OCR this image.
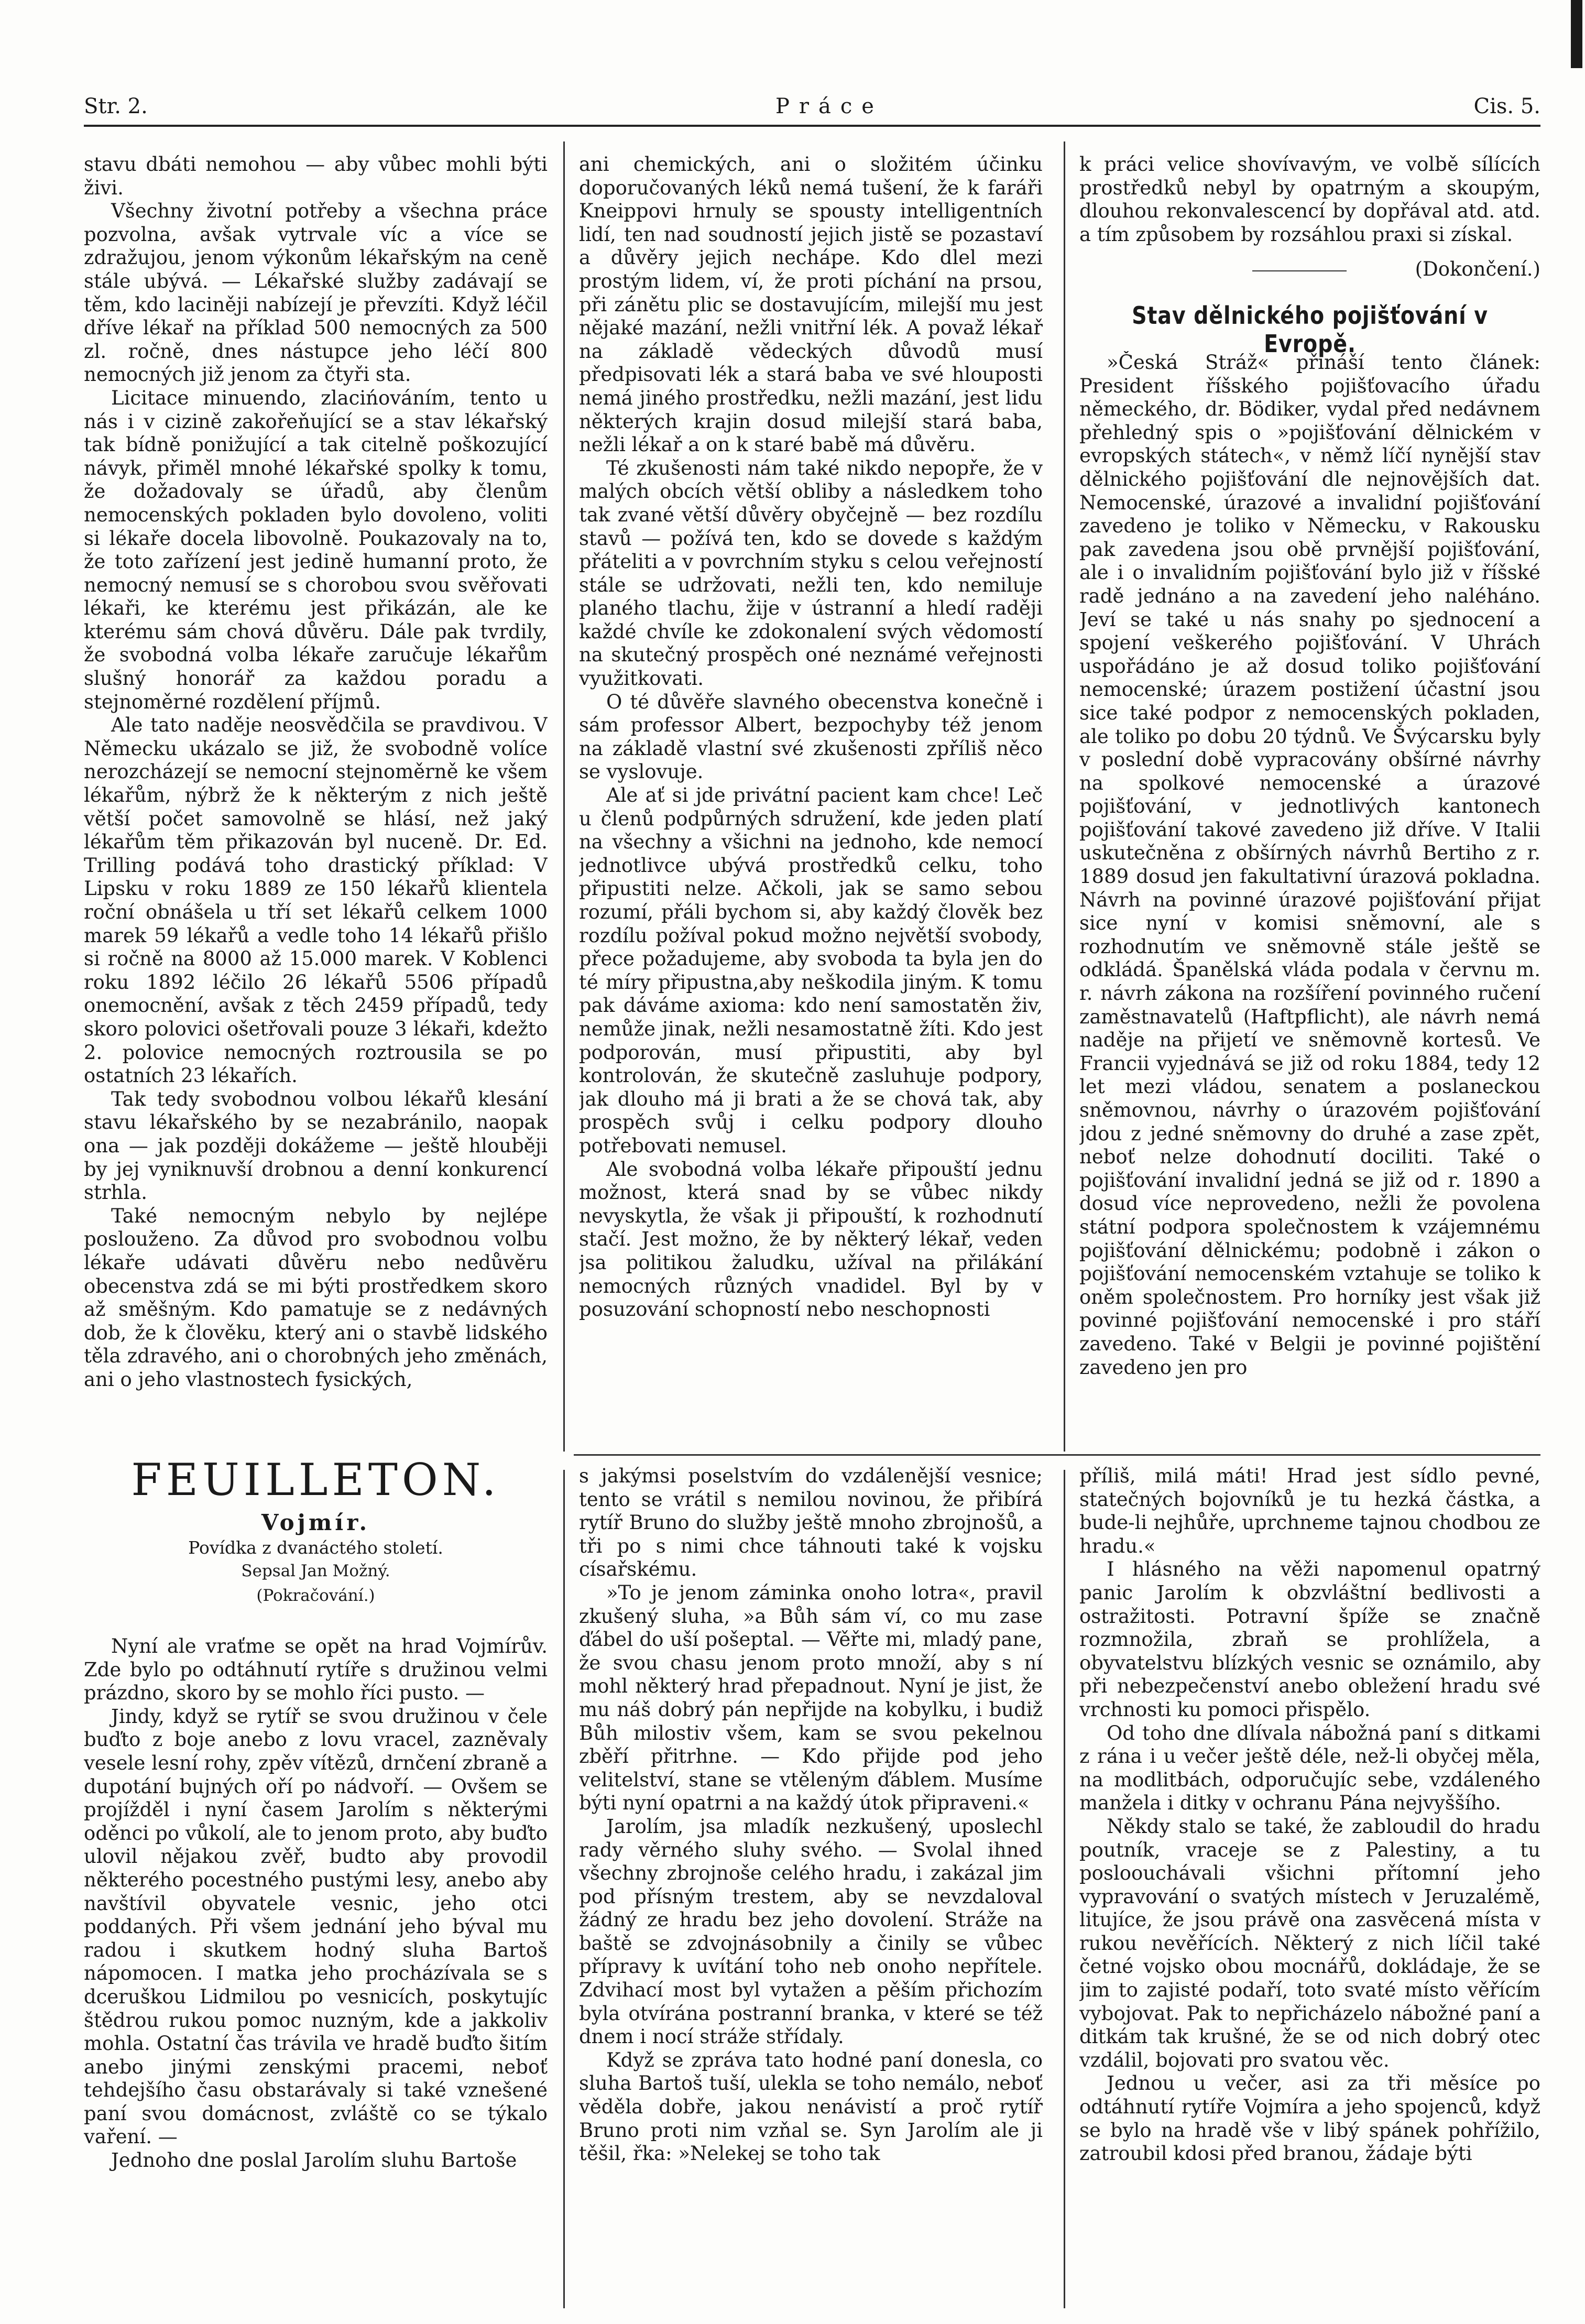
Str. 2.	Práce	Cis. 5.

stavu dbáti nemohou — aby vůbec mohli býti živi.

Všechny životní potřeby a všechna práce pozvolna, avšak vytrvale víc a více se zdražujou, jenom výkonům lékařským na ceně stále ubývá. — Lékařské služby zadávají se těm, kdo laciněji nabízejí je převzíti. Když léčil dříve lékař na příklad 500 nemocných za 500 zl. ročně, dnes nástupce jeho léčí 800 nemocných již jenom za čtyři sta.

Licitace minuendo, zlacińováním, tento u nás i v cizině zakořeňující se a stav lékařský tak bídně ponižující a tak citelně poškozující návyk, přiměl mnohé lékařské spolky k tomu, že dožadovaly se úřadů, aby členům nemocenských pokladen bylo dovoleno, voliti si lékaře docela libovolně. Poukazovaly na to, že toto zařízení jest jedině humanní proto, že nemocný nemusí se s chorobou svou svěřovati lékaři, ke kterému jest přikázán, ale ke kterému sám chová důvěru. Dále pak tvrdily, že svobodná volba lékaře zaručuje lékařům slušný honorář za každou poradu a stejnoměrné rozdělení příjmů.

Ale tato naděje neosvědčila se pravdivou. V Německu ukázalo se již, že svobodně volíce nerozcházejí se nemocní stejnoměrně ke všem lékařům, nýbrž že k některým z nich ještě větší počet samovolně se hlásí, než jaký lékařům těm přikazován byl nuceně. Dr. Ed. Trilling podává toho drastický příklad: V Lipsku v roku 1889 ze 150 lékařů klientela roční obnášela u tří set lékařů celkem 1000 marek 59 lékařů a vedle toho 14 lékařů přišlo si ročně na 8000 až 15.000 marek. V Koblenci roku 1892 léčilo 26 lékařů 5506 případů onemocnění, avšak z těch 2459 případů, tedy skoro polovici ošetřovali pouze 3 lékaři, kdežto 2. polovice nemocných roztrousila se po ostatních 23 lékařích.

Tak tedy svobodnou volbou lékařů klesání stavu lékařského by se nezabránilo, naopak ona — jak později dokážeme — ještě hlouběji by jej vyniknuvší drobnou a denní konkurencí strhla.

Také nemocným nebylo by nejlépe poslouženo. Za důvod pro svobodnou volbu lékaře udávati důvěru nebo nedůvěru obecenstva zdá se mi býti prostředkem skoro až směšným. Kdo pamatuje se z nedávných dob, že k člověku, který ani o stavbě lidského těla zdravého, ani o chorobných jeho změnách, ani o jeho vlastnostech fysických,

ani chemických, ani o složitém účinku doporučovaných léků nemá tušení, že k faráři Kneippovi hrnuly se spousty intelligentních lidí, ten nad soudností jejich jistě se pozastaví a důvěry jejich nechápe. Kdo dlel mezi prostým lidem, ví, že proti píchání na prsou, při zánětu plic se dostavujícím, milejší mu jest nějaké mazání, nežli vnitřní lék. A považ lékař na základě vědeckých důvodů musí předpisovati lék a stará baba ve své hlouposti nemá jiného prostředku, nežli mazání, jest lidu některých krajin dosud milejší stará baba, nežli lékař a on k staré babě má důvěru.

Té zkušenosti nám také nikdo nepopře, že v malých obcích větší obliby a následkem toho tak zvané větší důvěry obyčejně — bez rozdílu stavů — požívá ten, kdo se dovede s každým přáteliti a v povrchním styku s celou veřejností stále se udržovati, nežli ten, kdo nemiluje planého tlachu, žije v ústranní a hledí raději každé chvíle ke zdokonalení svých vědomostí na skutečný prospěch oné neznámé veřejnosti využitkovati.

O té důvěře slavného obecenstva konečně i sám professor Albert, bezpochyby též jenom na základě vlastní své zkušenosti zpříliš něco se vyslovuje.

Ale ať si jde privátní pacient kam chce! Leč u členů podpůrných sdružení, kde jeden platí na všechny a všichni na jednoho, kde nemocí jednotlivce ubývá prostředků celku, toho připustiti nelze. Ačkoli, jak se samo sebou rozumí, přáli bychom si, aby každý člověk bez rozdílu požíval pokud možno největší svobody, přece požadujeme, aby svoboda ta byla jen do té míry připustna,aby neškodila jiným. K tomu pak dáváme axioma: kdo není samostatěn živ, nemůže jinak, nežli nesamostatně žíti. Kdo jest podporován, musí připustiti, aby byl kontrolován, že skutečně zasluhuje podpory, jak dlouho má ji brati a že se chová tak, aby prospěch svůj i celku podpory dlouho potřebovati nemusel.

Ale svobodná volba lékaře připouští jednu možnost, která snad by se vůbec nikdy nevyskytla, že však ji připouští, k rozhodnutí stačí. Jest možno, že by některý lékař, veden jsa politikou žaludku, užíval na přilákání nemocných různých vnadidel. Byl by v posuzování schopností nebo neschopnosti

k práci velice shovívavým, ve volbě sílících prostředků nebyl by opatrným a skoupým, dlouhou rekonvalescencí by dopřával atd. atd. a tím způsobem by rozsáhlou praxi si získal.

(Dokončení.)
Stav dělnického pojišťování v Evropě.

»Česká Stráž« přináší tento článek: President říšského pojišťovacího úřadu německého, dr. Bödiker, vydal před nedávnem přehledný spis o »pojišťování dělnickém v evropských státech«, v němž líčí nynější stav dělnického pojišťování dle nejnovějších dat. Nemocenské, úrazové a invalidní pojišťování zavedeno je toliko v Německu, v Rakousku pak zavedena jsou obě prvnější pojišťování, ale i o invalidním pojišťování bylo již v říšské radě jednáno a na zavedení jeho naléháno. Jeví se také u nás snahy po sjednocení a spojení veškerého pojišťování. V Uhrách uspořádáno je až dosud toliko pojišťování nemocenské; úrazem postižení účastní jsou sice také podpor z nemocenských pokladen, ale toliko po dobu 20 týdnů. Ve Švýcarsku byly v poslední době vypracovány obšírné návrhy na spolkové nemocenské a úrazové pojišťování, v jednotlivých kantonech pojišťování takové zavedeno již dříve. V Italii uskutečněna z obšírných návrhů Bertiho z r. 1889 dosud jen fakultativní úrazová pokladna. Návrh na povinné úrazové pojišťování přijat sice nyní v komisi sněmovní, ale s rozhodnutím ve sněmovně stále ještě se odkládá. Španělská vláda podala v červnu m. r. návrh zákona na rozšíření povinného ručení zaměstnavatelů (Haftpflicht), ale návrh nemá naděje na přijetí ve sněmovně kortesů. Ve Francii vyjednává se již od roku 1884, tedy 12 let mezi vládou, senatem a poslaneckou sněmovnou, návrhy o úrazovém pojišťování jdou z jedné sněmovny do druhé a zase zpět, neboť nelze dohodnutí dociliti. Také o pojišťování invalidní jedná se již od r. 1890 a dosud více neprovedeno, nežli že povolena státní podpora společnostem k vzájemnému pojišťování dělnickému; podobně i zákon o pojišťování nemocenském vztahuje se toliko k oněm společnostem. Pro horníky jest však již povinné pojišťování nemocenské i pro stáří zavedeno. Také v Belgii je povinné pojištění zavedeno jen pro

FEUILLETON.
Vojmír.
Povídka z dvanáctého století.
Sepsal Jan Možný.
(Pokračování.)

Nyní ale vraťme se opět na hrad Vojmírův. Zde bylo po odtáhnutí rytíře s družinou velmi prázdno, skoro by se mohlo říci pusto. —

Jindy, když se rytíř se svou družinou v čele buďto z boje anebo z lovu vracel, zazněvaly vesele lesní rohy, zpěv vítězů, drnčení zbraně a dupotání bujných oří po nádvoří. — Ovšem se projížděl i nyní časem Jarolím s některými oděnci po vůkolí, ale to jenom proto, aby buďto ulovil nějakou zvěř, budto aby provodil některého pocestného pustými lesy, anebo aby navštívil obyvatele vesnic, jeho otci poddaných. Při všem jednání jeho býval mu radou i skutkem hodný sluha Bartoš nápomocen. I matka jeho procházívala se s dceruškou Lidmilou po vesnicích, poskytujíc štědrou rukou pomoc nuzným, kde a jakkoliv mohla. Ostatní čas trávila ve hradě buďto šitím anebo jinými zenskými pracemi, neboť tehdejšího času obstarávaly si také vznešené paní svou domácnost, zvláště co se týkalo vaření. —

Jednoho dne poslal Jarolím sluhu Bartoše

s jakýmsi poselstvím do vzdálenější vesnice; tento se vrátil s nemilou novinou, že přibírá rytíř Bruno do služby ještě mnoho zbrojnošů, a tři po s nimi chce táhnouti také k vojsku císařskému.

»To je jenom záminka onoho lotra«, pravil zkušený sluha, »a Bůh sám ví, co mu zase ďábel do uší pošeptal. — Věřte mi, mladý pane, že svou chasu jenom proto množí, aby s ní mohl některý hrad přepadnout. Nyní je jist, že mu náš dobrý pán nepřijde na kobylku, i budiž Bůh milostiv všem, kam se svou pekelnou zběří přitrhne. — Kdo přijde pod jeho velitelství, stane se vtěleným ďáblem. Musíme býti nyní opatrni a na každý útok připraveni.«

Jarolím, jsa mladík nezkušený, uposlechl rady věrného sluhy svého. — Svolal ihned všechny zbrojnoše celého hradu, i zakázal jim pod přísným trestem, aby se nevzdaloval žádný ze hradu bez jeho dovolení. Stráže na baště se zdvojnásobnily a činily se vůbec přípravy k uvítání toho neb onoho nepřítele. Zdvihací most byl vytažen a pěším přichozím byla otvírána postranní branka, v které se též dnem i nocí stráže střídaly.

Když se zpráva tato hodné paní donesla, co sluha Bartoš tuší, ulekla se toho nemálo, neboť věděla dobře, jakou nenávistí a proč rytíř Bruno proti nim vzňal se. Syn Jarolím ale ji těšil, řka: »Nelekej se toho tak

příliš, milá máti! Hrad jest sídlo pevné, statečných bojovníků je tu hezká částka, a bude-li nejhůře, uprchneme tajnou chodbou ze hradu.«

I hlásného na věži napomenul opatrný panic Jarolím k obzvláštní bedlivosti a ostražitosti. Potravní špíže se značně rozmnožila, zbraň se prohlížela, a obyvatelstvu blízkých vesnic se oznámilo, aby při nebezpečenství anebo obležení hradu své vrchnosti ku pomoci přispělo.

Od toho dne dlívala nábožná paní s ditkami z rána i u večer ještě déle, než-li obyčej měla, na modlitbách, odporučujíc sebe, vzdáleného manžela i ditky v ochranu Pána nejvyššího.

Někdy stalo se také, že zabloudil do hradu poutník, vraceje se z Palestiny, a tu posloouchávali všichni přítomní jeho vypravování o svatých místech v Jeruzalémě, litujíce, že jsou právě ona zasvěcená místa v rukou nevěřících. Některý z nich líčil také četné vojsko obou mocnářů, dokládaje, že se jim to zajisté podaří, toto svaté místo věřícím vybojovat. Pak to nepřicházelo nábožné paní a ditkám tak krušné, že se od nich dobrý otec vzdálil, bojovati pro svatou věc.

Jednou u večer, asi za tři měsíce po odtáhnutí rytíře Vojmíra a jeho spojenců, když se bylo na hradě vše v libý spánek pohřížilo, zatroubil kdosi před branou, žádaje býti
